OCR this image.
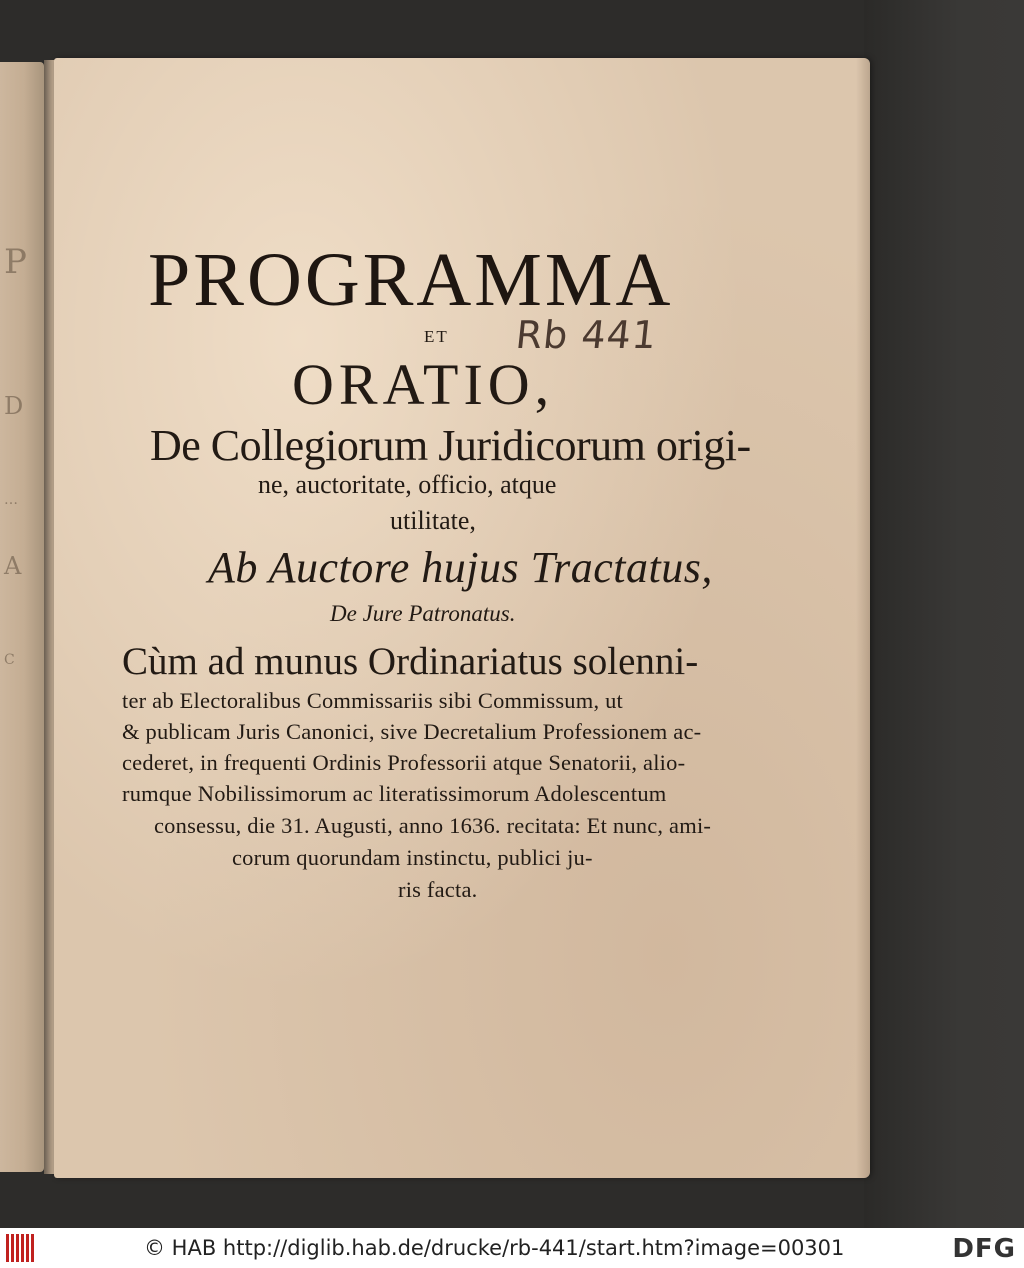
P
D
…
A
C
PROGRAMMA
ET Rb 441
ORATIO,
De Collegiorum Juridicorum origi-
ne, auctoritate, officio, atque
utilitate,
Ab Auctore hujus Tractatus,
De Jure Patronatus.
Cùm ad munus Ordinariatus solenni-
ter ab Electoralibus Commissariis sibi Commissum, ut
& publicam Juris Canonici, sive Decretalium Professionem ac-
cederet, in frequenti Ordinis Professorii atque Senatorii, alio-
rumque Nobilissimorum ac literatissimorum Adolescentum
consessu, die 31. Augusti, anno 1636. recitata: Et nunc, ami-
corum quorundam instinctu, publici ju-
ris facta.
© HAB http://diglib.hab.de/drucke/rb-441/start.htm?image=00301	DFG
